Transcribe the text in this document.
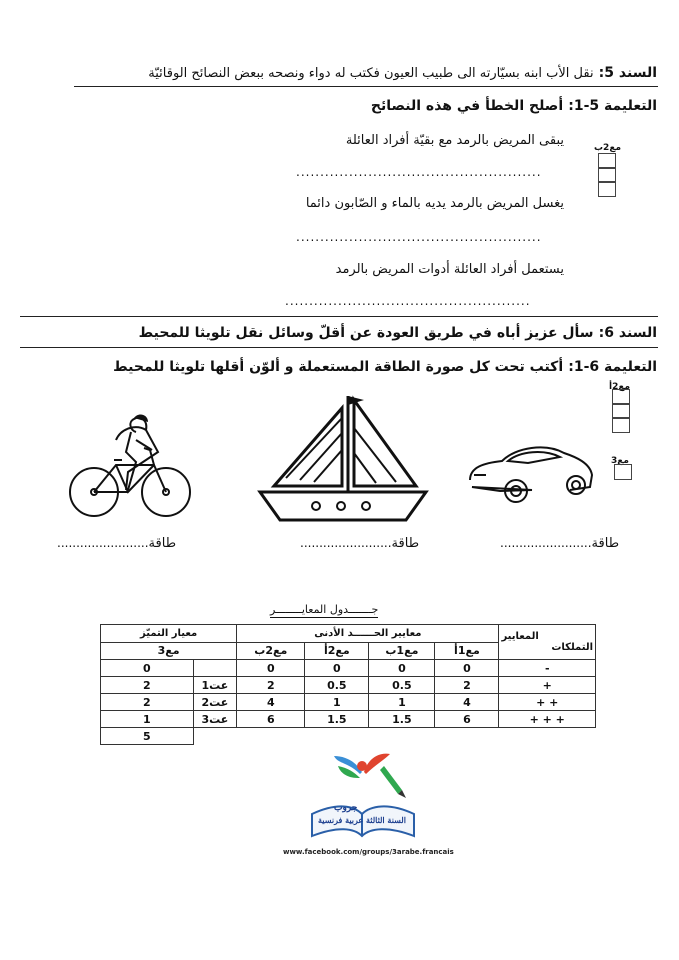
السند 5: نقل الأب ابنه بسيّارته الى طبيب العيون فكتب له دواء ونصحه ببعض النصائح الوقائيّة
التعليمة 5-1: أصلح الخطأ في هذه النصائح
مع2ب
يبقى المريض بالرمد مع بقيّة أفراد العائلة
...................................................
يغسل المريض بالرمد يديه بالماء و الصّابون دائما
...................................................
يستعمل أفراد العائلة أدوات المريض بالرمد
...................................................
السند 6: سأل عزيز أباه في طريق العودة عن أقلّ وسائل نقل تلويثا للمحيط
التعليمة 6-1: أكتب تحت كل صورة الطاقة المستعملة و ألوّن أقلها تلويثا للمحيط
مع2أ
مع3
طاقة........................
طاقة........................
طاقة........................
جـــــــدول المعايــــــــر
المعايير
التملكات	معايير الحــــــد الأدنى				معيار التميّز	
	مع1أ	مع1ب	مع2أ	مع2ب	مع3	
-	0	0	0	0		0
+	2	0.5	0.5	2	عت1	2
+ +	4	1	1	4	عت2	2
+ + +	6	1.5	1.5	6	عت3	1
						5
جروب
السنة الثالثة عربية فرنسية
www.facebook.com/groups/3arabe.francais
